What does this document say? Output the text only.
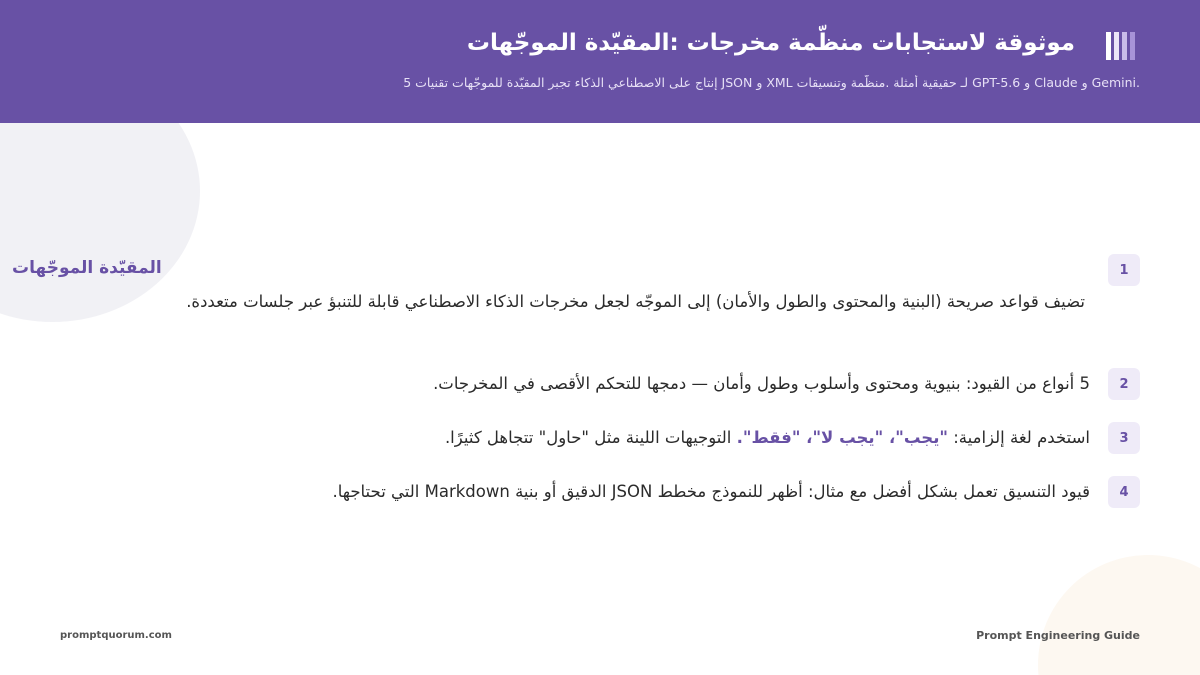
موثوقة لاستجابات منظّمة مخرجات :المقيّدة الموجّهات
.Gemini و Claude و GPT-5.6 لـ حقيقية أمثلة .منظّمة وتنسيقات XML و JSON إنتاج على الاصطناعي الذكاء تجبر المقيّدة للموجّهات تقنيات 5
المقيّدة الموجّهات	1
تضيف قواعد صريحة (البنية والمحتوى والطول والأمان) إلى الموجّه لجعل مخرجات الذكاء الاصطناعي قابلة للتنبؤ عبر جلسات متعددة.
2
5 أنواع من القيود: بنيوية ومحتوى وأسلوب وطول وأمان — دمجها للتحكم الأقصى في المخرجات.
3
استخدم لغة إلزامية: "يجب"، "يجب لا"، "فقط". التوجيهات اللينة مثل "حاول" تتجاهل كثيرًا.
4
قيود التنسيق تعمل بشكل أفضل مع مثال: أظهر للنموذج مخطط JSON الدقيق أو بنية Markdown التي تحتاجها.
promptquorum.com	Prompt Engineering Guide
